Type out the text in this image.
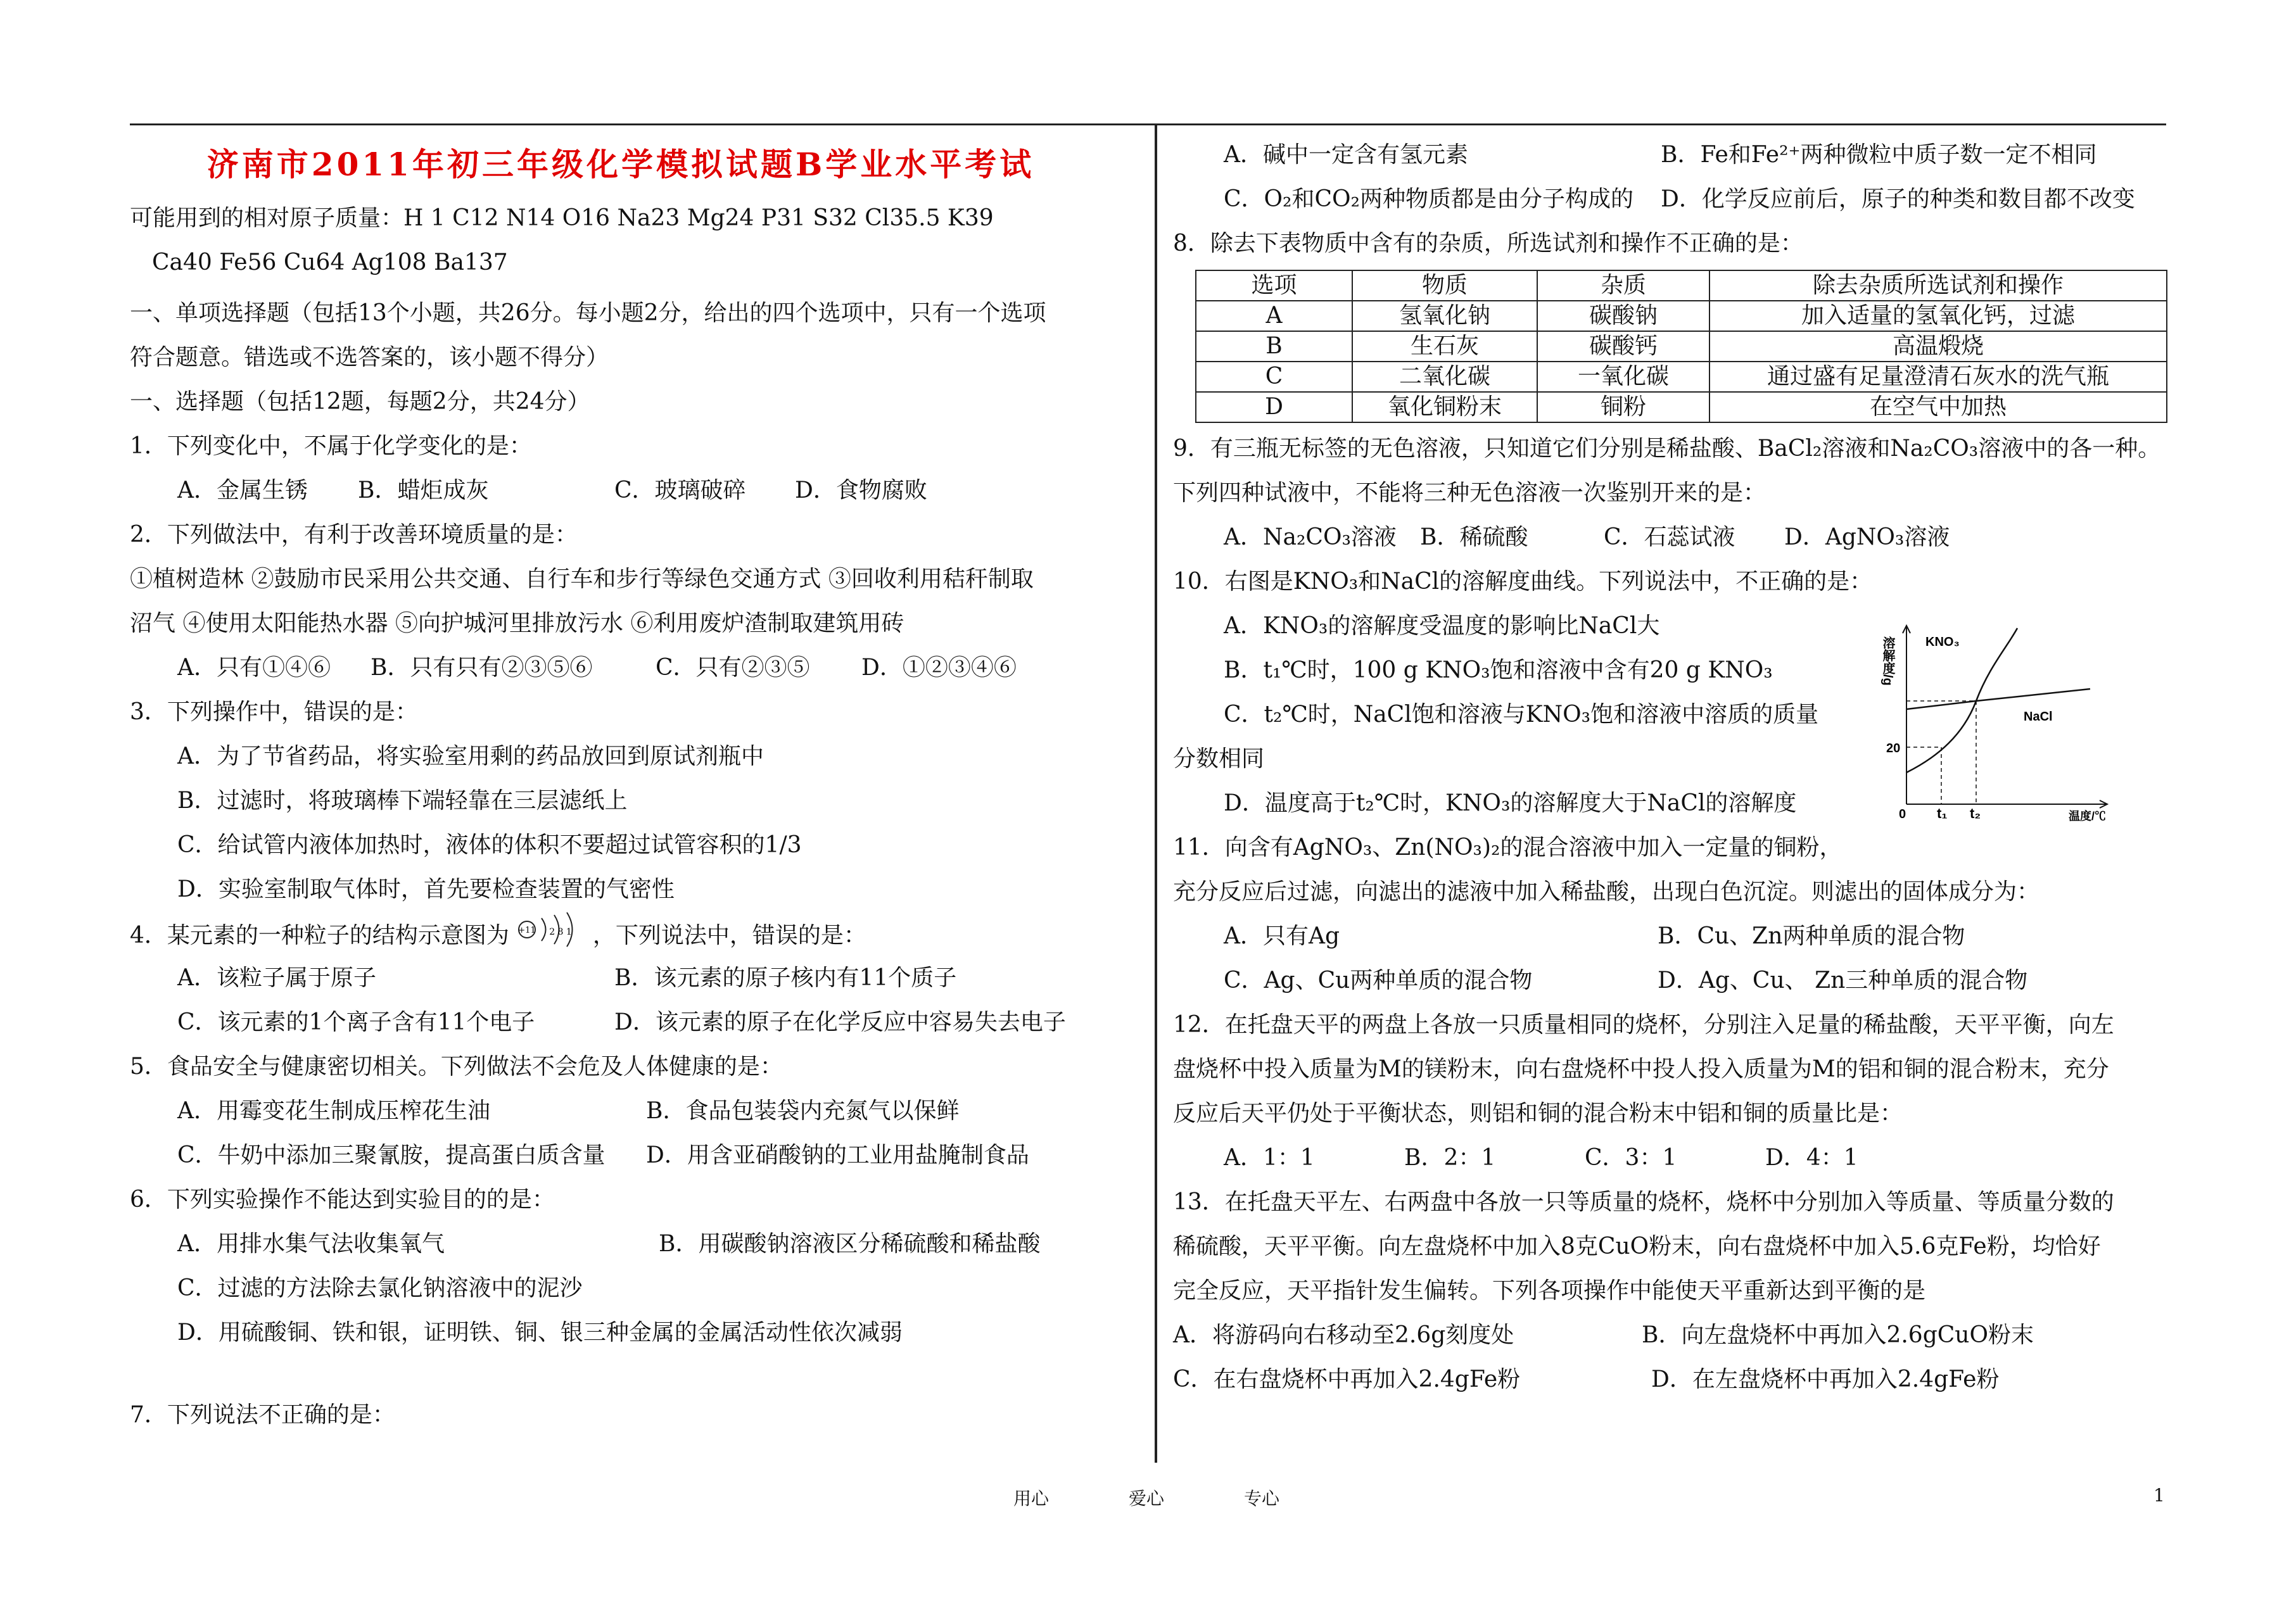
济南市2011年初三年级化学模拟试题B学业水平考试
可能用到的相对原子质量：H 1 C12 N14 O16 Na23 Mg24 P31 S32 Cl35.5 K39
Ca40 Fe56 Cu64 Ag108 Ba137
一、单项选择题（包括13个小题，共26分。每小题2分，给出的四个选项中，只有一个选项
符合题意。错选或不选答案的，该小题不得分）
一、选择题（包括12题，每题2分，共24分）
1．下列变化中，不属于化学变化的是：
A．金属生锈	B．蜡炬成灰	C．玻璃破碎	D．食物腐败
2．下列做法中，有利于改善环境质量的是：
①植树造林 ②鼓励市民采用公共交通、自行车和步行等绿色交通方式 ③回收利用秸秆制取
沼气 ④使用太阳能热水器 ⑤向护城河里排放污水 ⑥利用废炉渣制取建筑用砖
A．只有①④⑥	B．只有只有②③⑤⑥	C．只有②③⑤	D．①②③④⑥
3．下列操作中，错误的是：
A．为了节省药品，将实验室用剩的药品放回到原试剂瓶中
B．过滤时，将玻璃棒下端轻靠在三层滤纸上
C．给试管内液体加热时，液体的体积不要超过试管容积的1/3
D．实验室制取气体时，首先要检查装置的气密性
4．某元素的一种粒子的结构示意图为 +11 2 8 1 ，下列说法中，错误的是：
A．该粒子属于原子	B．该元素的原子核内有11个质子
C．该元素的1个离子含有11个电子	D．该元素的原子在化学反应中容易失去电子
5．食品安全与健康密切相关。下列做法不会危及人体健康的是：
A．用霉变花生制成压榨花生油	B．食品包装袋内充氮气以保鲜
C．牛奶中添加三聚氰胺，提高蛋白质含量	D．用含亚硝酸钠的工业用盐腌制食品
6．下列实验操作不能达到实验目的的是：
A．用排水集气法收集氧气	B．用碳酸钠溶液区分稀硫酸和稀盐酸
C．过滤的方法除去氯化钠溶液中的泥沙
D．用硫酸铜、铁和银，证明铁、铜、银三种金属的金属活动性依次减弱
7．下列说法不正确的是：
A．碱中一定含有氢元素	B．Fe和Fe²⁺两种微粒中质子数一定不相同
C．O₂和CO₂两种物质都是由分子构成的	D．化学反应前后，原子的种类和数目都不改变
8．除去下表物质中含有的杂质，所选试剂和操作不正确的是：
选项	物质	杂质	除去杂质所选试剂和操作
A	氢氧化钠	碳酸钠	加入适量的氢氧化钙，过滤
B	生石灰	碳酸钙	高温煅烧
C	二氧化碳	一氧化碳	通过盛有足量澄清石灰水的洗气瓶
D	氧化铜粉末	铜粉	在空气中加热
9．有三瓶无标签的无色溶液，只知道它们分别是稀盐酸、BaCl₂溶液和Na₂CO₃溶液中的各一种。
下列四种试液中，不能将三种无色溶液一次鉴别开来的是：
A．Na₂CO₃溶液	B．稀硫酸	C．石蕊试液	D．AgNO₃溶液
10．右图是KNO₃和NaCl的溶解度曲线。下列说法中，不正确的是：
A．KNO₃的溶解度受温度的影响比NaCl大
B．t₁℃时，100 g KNO₃饱和溶液中含有20 g KNO₃
C．t₂℃时，NaCl饱和溶液与KNO₃饱和溶液中溶质的质量
分数相同
D．温度高于t₂℃时，KNO₃的溶解度大于NaCl的溶解度
11．向含有AgNO₃、Zn(NO₃)₂的混合溶液中加入一定量的铜粉，
充分反应后过滤，向滤出的滤液中加入稀盐酸，出现白色沉淀。则滤出的固体成分为：
A．只有Ag	B．Cu、Zn两种单质的混合物
C．Ag、Cu两种单质的混合物	D．Ag、Cu、 Zn三种单质的混合物
12．在托盘天平的两盘上各放一只质量相同的烧杯，分别注入足量的稀盐酸，天平平衡，向左
盘烧杯中投入质量为M的镁粉末，向右盘烧杯中投人投入质量为M的铝和铜的混合粉末，充分
反应后天平仍处于平衡状态，则铝和铜的混合粉末中铝和铜的质量比是：
A．1：1	B．2：1	C．3：1	D．4：1
13．在托盘天平左、右两盘中各放一只等质量的烧杯，烧杯中分别加入等质量、等质量分数的
稀硫酸，天平平衡。向左盘烧杯中加入8克CuO粉末，向右盘烧杯中加入5.6克Fe粉，均恰好
完全反应，天平指针发生偏转。下列各项操作中能使天平重新达到平衡的是
A．将游码向右移动至2.6g刻度处	B．向左盘烧杯中再加入2.6gCuO粉末
C．在右盘烧杯中再加入2.4gFe粉	D．在左盘烧杯中再加入2.4gFe粉
溶解度/g
温度/℃
0
20
t₁ t₂
KNO₃
NaCl
用心	爱心	专心	1
